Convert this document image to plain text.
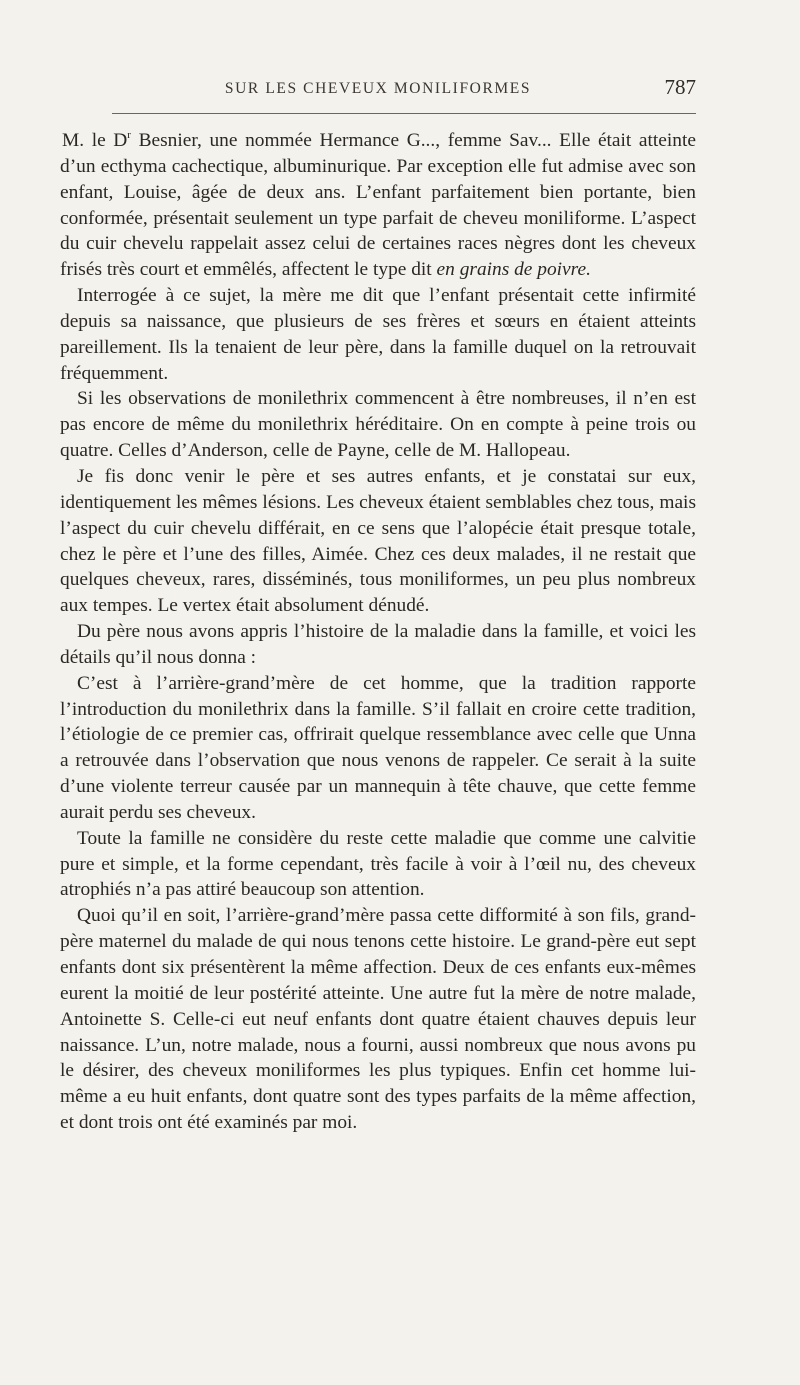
SUR LES CHEVEUX MONILIFORMES	787

M. le $D^r$ Besnier, une nommée Hermance G..., femme Sav... Elle était atteinte d’un ecthyma cachectique, albuminurique. Par exception elle fut admise avec son enfant, Louise, âgée de deux ans. L’enfant parfaitement bien portante, bien conformée, présentait seulement un type parfait de cheveu moniliforme. L’aspect du cuir chevelu rappelait assez celui de certaines races nègres dont les cheveux frisés très court et emmêlés, affectent le type dit en grains de poivre.

Interrogée à ce sujet, la mère me dit que l’enfant présentait cette infirmité depuis sa naissance, que plusieurs de ses frères et sœurs en étaient atteints pareillement. Ils la tenaient de leur père, dans la famille duquel on la retrouvait fréquemment.

Si les observations de monilethrix commencent à être nombreuses, il n’en est pas encore de même du monilethrix héréditaire. On en compte à peine trois ou quatre. Celles d’Anderson, celle de Payne, celle de M. Hallopeau.

Je fis donc venir le père et ses autres enfants, et je constatai sur eux, identiquement les mêmes lésions. Les cheveux étaient semblables chez tous, mais l’aspect du cuir chevelu différait, en ce sens que l’alopécie était presque totale, chez le père et l’une des filles, Aimée. Chez ces deux malades, il ne restait que quelques cheveux, rares, disséminés, tous moniliformes, un peu plus nombreux aux tempes. Le vertex était absolument dénudé.

Du père nous avons appris l’histoire de la maladie dans la famille, et voici les détails qu’il nous donna :

C’est à l’arrière-grand’mère de cet homme, que la tradition rapporte l’introduction du monilethrix dans la famille. S’il fallait en croire cette tradition, l’étiologie de ce premier cas, offrirait quelque ressemblance avec celle que Unna a retrouvée dans l’observation que nous venons de rappeler. Ce serait à la suite d’une violente terreur causée par un mannequin à tête chauve, que cette femme aurait perdu ses cheveux.

Toute la famille ne considère du reste cette maladie que comme une calvitie pure et simple, et la forme cependant, très facile à voir à l’œil nu, des cheveux atrophiés n’a pas attiré beaucoup son attention.

Quoi qu’il en soit, l’arrière-grand’mère passa cette difformité à son fils, grand-père maternel du malade de qui nous tenons cette histoire. Le grand-père eut sept enfants dont six présentèrent la même affection. Deux de ces enfants eux-mêmes eurent la moitié de leur postérité atteinte. Une autre fut la mère de notre malade, Antoinette S. Celle-ci eut neuf enfants dont quatre étaient chauves depuis leur naissance. L’un, notre malade, nous a fourni, aussi nombreux que nous avons pu le désirer, des cheveux moniliformes les plus typiques. Enfin cet homme lui-même a eu huit enfants, dont quatre sont des types parfaits de la même affection, et dont trois ont été examinés par moi.
